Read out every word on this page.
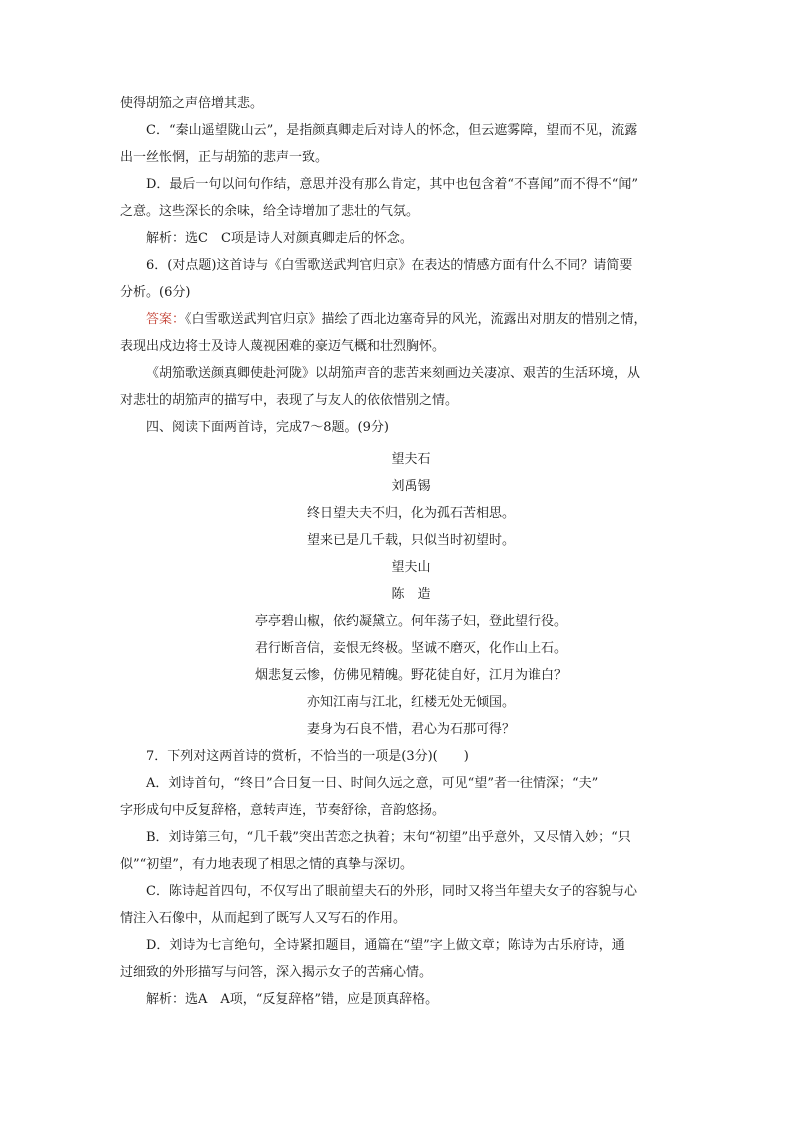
使得胡笳之声倍增其悲。
C．“秦山遥望陇山云”，是指颜真卿走后对诗人的怀念，但云遮雾障，望而不见，流露
出一丝怅惘，正与胡笳的悲声一致。
D．最后一句以问句作结，意思并没有那么肯定，其中也包含着“不喜闻”而不得不“闻”
之意。这些深长的余味，给全诗增加了悲壮的气氛。
解析：选C　C项是诗人对颜真卿走后的怀念。
6．(对点题)这首诗与《白雪歌送武判官归京》在表达的情感方面有什么不同？请简要
分析。(6分)
答案：《白雪歌送武判官归京》描绘了西北边塞奇异的风光，流露出对朋友的惜别之情，
表现出戍边将士及诗人蔑视困难的豪迈气概和壮烈胸怀。
《胡笳歌送颜真卿使赴河陇》以胡笳声音的悲苦来刻画边关凄凉、艰苦的生活环境，从
对悲壮的胡笳声的描写中，表现了与友人的依依惜别之情。
四、阅读下面两首诗，完成7～8题。(9分)
望夫石
刘禹锡
终日望夫夫不归，化为孤石苦相思。
望来已是几千载，只似当时初望时。
望夫山
陈　造
亭亭碧山椒，依约凝黛立。何年荡子妇，登此望行役。
君行断音信，妾恨无终极。坚诚不磨灭，化作山上石。
烟悲复云惨，仿佛见精魄。野花徒自好，江月为谁白？
亦知江南与江北，红楼无处无倾国。
妻身为石良不惜，君心为石那可得？
7．下列对这两首诗的赏析，不恰当的一项是(3分)(　　)
A．刘诗首句，“终日”合日复一日、时间久远之意，可见“望”者一往情深；“夫”
字形成句中反复辞格，意转声连，节奏舒徐，音韵悠扬。
B．刘诗第三句，“几千载”突出苦恋之执着；末句“初望”出乎意外，又尽情入妙；“只
似”“初望”，有力地表现了相思之情的真挚与深切。
C．陈诗起首四句，不仅写出了眼前望夫石的外形，同时又将当年望夫女子的容貌与心
情注入石像中，从而起到了既写人又写石的作用。
D．刘诗为七言绝句，全诗紧扣题目，通篇在“望”字上做文章；陈诗为古乐府诗，通
过细致的外形描写与问答，深入揭示女子的苦痛心情。
解析：选A　A项，“反复辞格”错，应是顶真辞格。
